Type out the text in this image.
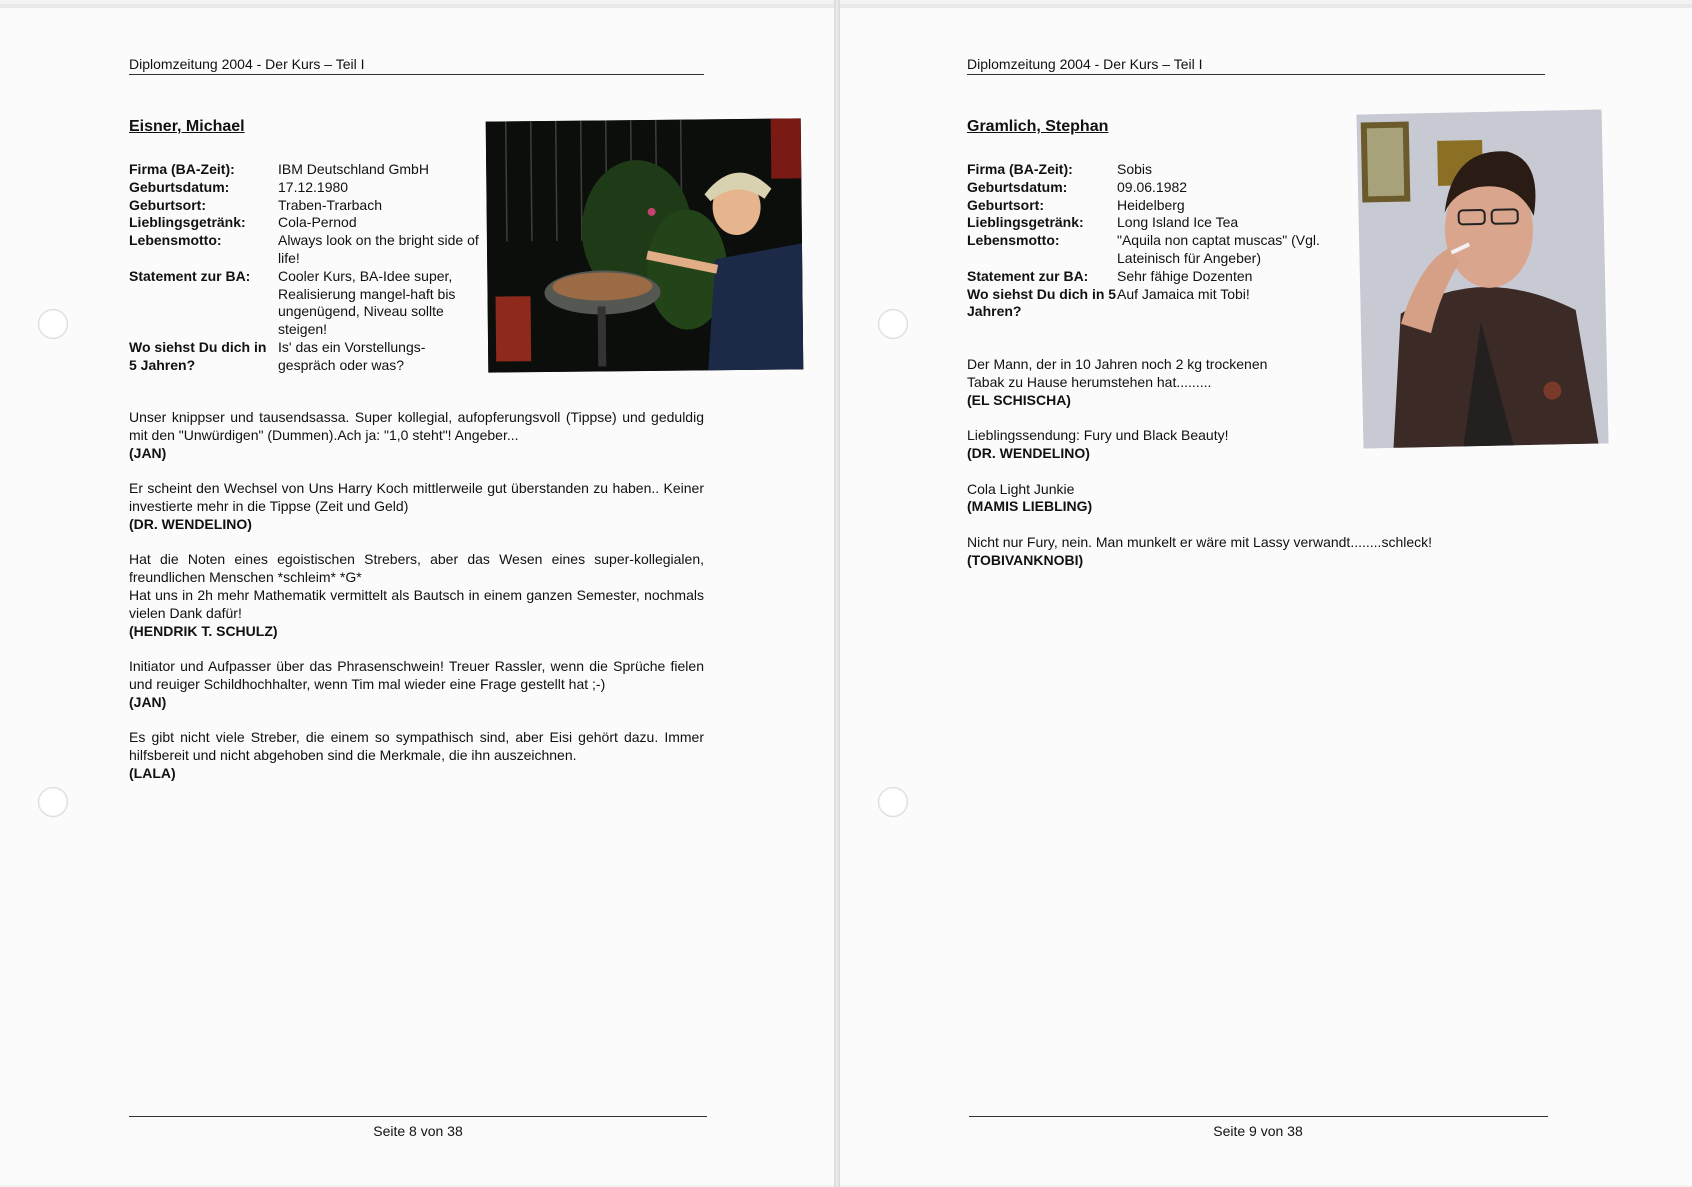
Diplomzeitung 2004 - Der Kurs – Teil I
Eisner, Michael
Firma (BA-Zeit):	IBM Deutschland GmbH
Geburtsdatum:	17.12.1980
Geburtsort:	Traben-Trarbach
Lieblingsgetränk:	Cola-Pernod
Lebensmotto:	Always look on the bright side of life!
Statement zur BA:	Cooler Kurs, BA-Idee super, Realisierung mangel-haft bis ungenügend, Niveau sollte steigen!
Wo siehst Du dich in 5 Jahren?
Is' das ein Vorstellungs-gespräch oder was?
Unser knippser und tausendsassa. Super kollegial, aufopferungsvoll (Tippse) und geduldig mit den "Unwürdigen" (Dummen).Ach ja: "1,0 steht"! Angeber...
(JAN)
Er scheint den Wechsel von Uns Harry Koch mittlerweile gut überstanden zu haben.. Keiner investierte mehr in die Tippse (Zeit und Geld)
(DR. WENDELINO)
Hat die Noten eines egoistischen Strebers, aber das Wesen eines super-kollegialen, freundlichen Menschen *schleim* *G*
Hat uns in 2h mehr Mathematik vermittelt als Bautsch in einem ganzen Semester, nochmals vielen Dank dafür!
(HENDRIK T. SCHULZ)
Initiator und Aufpasser über das Phrasenschwein! Treuer Rassler, wenn die Sprüche fielen und reuiger Schildhochhalter, wenn Tim mal wieder eine Frage gestellt hat ;-)
(JAN)
Es gibt nicht viele Streber, die einem so sympathisch sind, aber Eisi gehört dazu. Immer hilfsbereit und nicht abgehoben sind die Merkmale, die ihn auszeichnen.
(LALA)
Seite 8 von 38
Diplomzeitung 2004 - Der Kurs – Teil I
Gramlich, Stephan
Firma (BA-Zeit):	Sobis
Geburtsdatum:	09.06.1982
Geburtsort:	Heidelberg
Lieblingsgetränk:	Long Island Ice Tea
Lebensmotto:	"Aquila non captat muscas" (Vgl. Lateinisch für Angeber)
Statement zur BA:	Sehr fähige Dozenten
Wo siehst Du dich in 5 Jahren?
Auf Jamaica mit Tobi!
Der Mann, der in 10 Jahren noch 2 kg trockenen Tabak zu Hause herumstehen hat.........
(EL SCHISCHA)
Lieblingssendung: Fury und Black Beauty!
(DR. WENDELINO)
Cola Light Junkie
(MAMIS LIEBLING)
Nicht nur Fury, nein. Man munkelt er wäre mit Lassy verwandt........schleck!
(TOBIVANKNOBI)
Seite 9 von 38
